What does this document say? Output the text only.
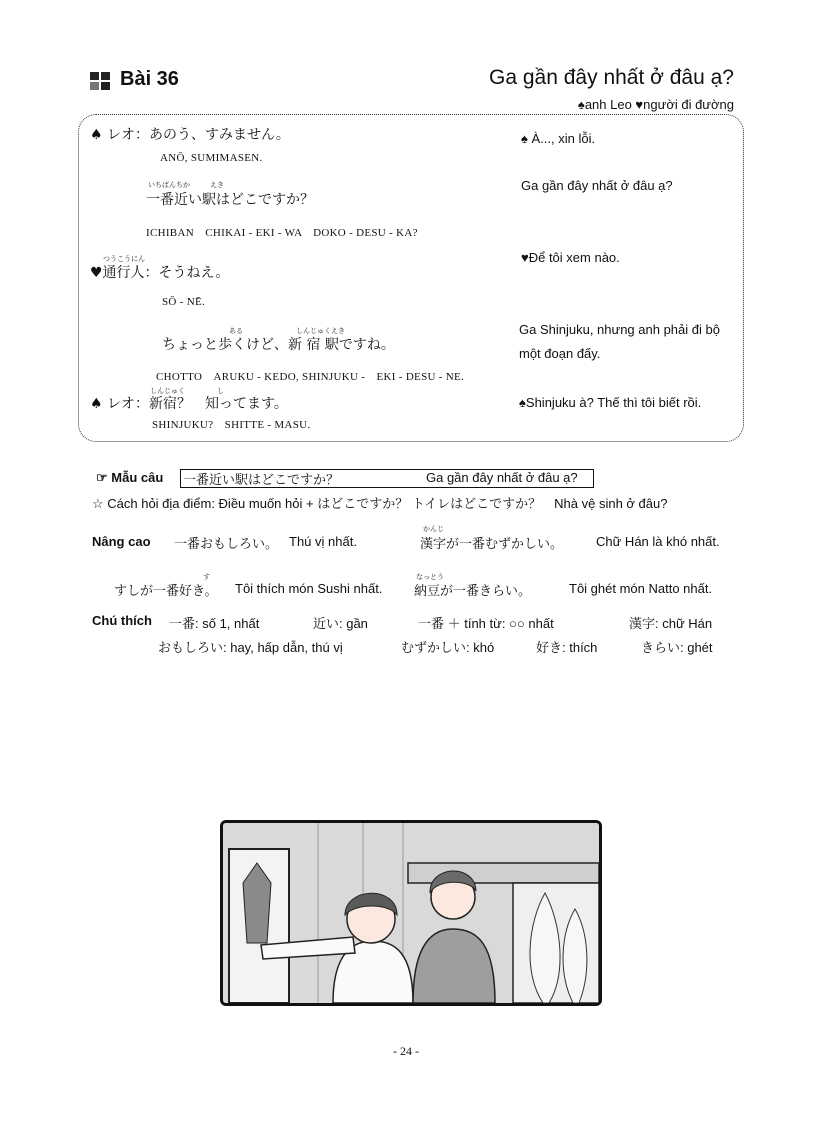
Bài 36	Ga gần đây nhất ở đâu ạ?
♠anh Leo ♥người đi đường
♠ レオ：あのう、すみません。
ANŌ, SUMIMASEN.
♠ À..., xin lỗi.
いちばんちか	えき
一番近い駅はどこですか？
ICHIBAN　CHIKAI - EKI - WA　DOKO - DESU - KA?
Ga gần đây nhất ở đâu ạ?
つうこうにん
♥通行人：そうねえ。
SŌ - NĒ.
♥Để tôi xem nào.
ある	しんじゅくえき
ちょっと歩くけど、新 宿 駅ですね。
CHOTTO　ARUKU - KEDO, SHINJUKU -　EKI - DESU - NE.
Ga Shinjuku, nhưng anh phải đi bộ
một đoạn đấy.
しんじゅく	し
♠ レオ：新宿？　知ってます。
SHINJUKU?　SHITTE - MASU.
♠Shinjuku à? Thế thì tôi biết rồi.
☞ Mẫu câu 一番近い駅はどこですか？	Ga gần đây nhất ở đâu ạ?
☆ Cách hỏi địa điểm: Điều muốn hỏi + はどこですか？ トイレはどこですか？　Nhà vệ sinh ở đâu?
Nâng cao 一番おもしろい。 Thú vị nhất.
かんじ
漢字が一番むずかしい。	Chữ Hán là khó nhất.
す
すしが一番好き。 Tôi thích món Sushi nhất.
なっとう
納豆が一番きらい。	Tôi ghét món Natto nhất.
Chú thích 一番: số 1, nhất	近い: gần	一番 ＋ tính từ: ○○ nhất	漢字: chữ Hán
おもしろい: hay, hấp dẫn, thú vị	むずかしい: khó	好き: thích	きらい: ghét
- 24 -
